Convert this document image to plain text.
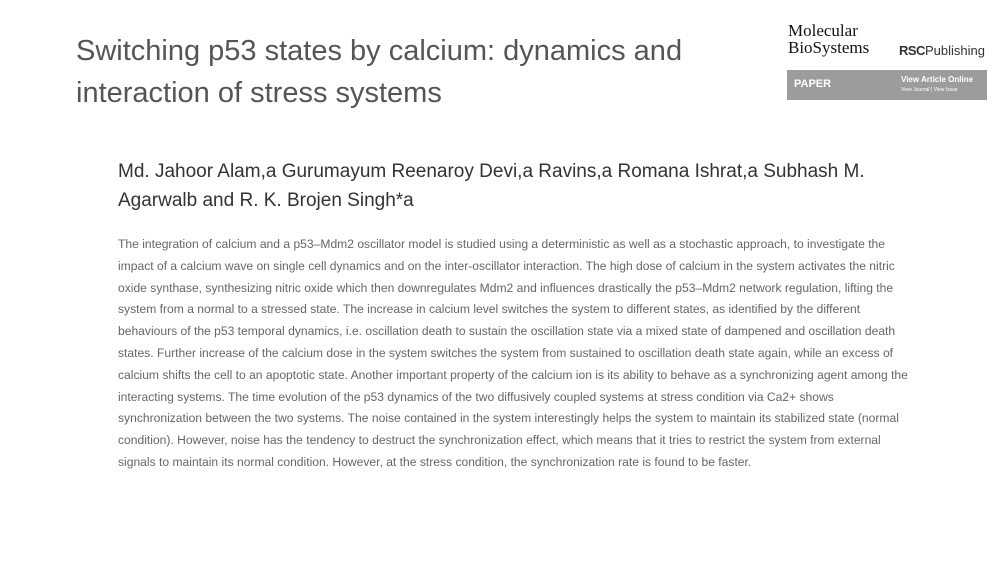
Switching p53 states by calcium: dynamics and interaction of stress systems
Molecular
BioSystems RSCPublishing
PAPER	View Article Online
View Journal | View Issue

Md. Jahoor Alam,a Gurumayum Reenaroy Devi,a Ravins,a Romana Ishrat,a Subhash M. Agarwalb and R. K. Brojen Singh*a

The integration of calcium and a p53–Mdm2 oscillator model is studied using a deterministic as well as a stochastic approach, to investigate the impact of a calcium wave on single cell dynamics and on the inter-oscillator interaction. The high dose of calcium in the system activates the nitric oxide synthase, synthesizing nitric oxide which then downregulates Mdm2 and influences drastically the p53–Mdm2 network regulation, lifting the system from a normal to a stressed state. The increase in calcium level switches the system to different states, as identified by the different behaviours of the p53 temporal dynamics, i.e. oscillation death to sustain the oscillation state via a mixed state of dampened and oscillation death states. Further increase of the calcium dose in the system switches the system from sustained to oscillation death state again, while an excess of calcium shifts the cell to an apoptotic state. Another important property of the calcium ion is its ability to behave as a synchronizing agent among the interacting systems. The time evolution of the p53 dynamics of the two diffusively coupled systems at stress condition via Ca2+ shows synchronization between the two systems. The noise contained in the system interestingly helps the system to maintain its stabilized state (normal condition). However, noise has the tendency to destruct the synchronization effect, which means that it tries to restrict the system from external signals to maintain its normal condition. However, at the stress condition, the synchronization rate is found to be faster.
